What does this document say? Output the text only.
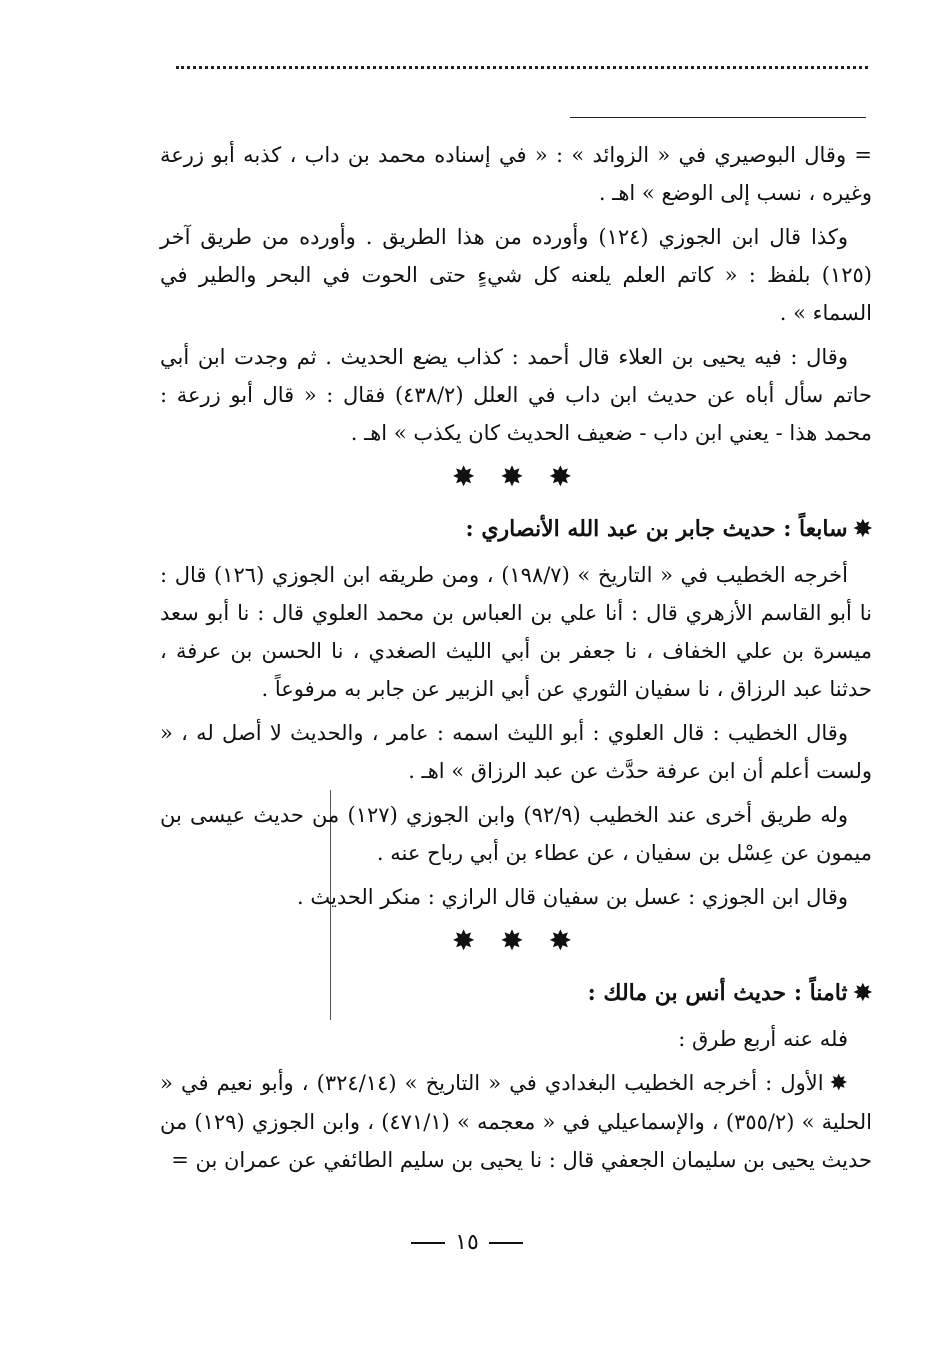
= وقال البوصيري في « الزوائد » : « في إسناده محمد بن داب ، كذبه أبو زرعة وغيره ، نسب إلى الوضع » اهـ .

وكذا قال ابن الجوزي (١٢٤) وأورده من هذا الطريق . وأورده من طريق آخر (١٢٥) بلفظ : « كاتم العلم يلعنه كل شيءٍ حتى الحوت في البحر والطير في السماء » .

وقال : فيه يحيى بن العلاء قال أحمد : كذاب يضع الحديث . ثم وجدت ابن أبي حاتم سأل أباه عن حديث ابن داب في العلل (٤٣٨/٢) فقال : « قال أبو زرعة : محمد هذا - يعني ابن داب - ضعيف الحديث كان يكذب » اهـ .

✸ ✸ ✸

✸سابعاً : حديث جابر بن عبد الله الأنصاري :

أخرجه الخطيب في « التاريخ » (١٩٨/٧) ، ومن طريقه ابن الجوزي (١٢٦) قال : نا أبو القاسم الأزهري قال : أنا علي بن العباس بن محمد العلوي قال : نا أبو سعد ميسرة بن علي الخفاف ، نا جعفر بن أبي الليث الصغدي ، نا الحسن بن عرفة ، حدثنا عبد الرزاق ، نا سفيان الثوري عن أبي الزبير عن جابر به مرفوعاً .

وقال الخطيب : قال العلوي : أبو الليث اسمه : عامر ، والحديث لا أصل له ، « ولست أعلم أن ابن عرفة حدَّث عن عبد الرزاق » اهـ .

وله طريق أخرى عند الخطيب (٩٢/٩) وابن الجوزي (١٢٧) من حديث عيسى بن ميمون عن عِسْل بن سفيان ، عن عطاء بن أبي رباح عنه .

وقال ابن الجوزي : عسل بن سفيان قال الرازي : منكر الحديث .

✸ ✸ ✸

✸ثامناً : حديث أنس بن مالك :

فله عنه أربع طرق :

✸الأول : أخرجه الخطيب البغدادي في « التاريخ » (٣٢٤/١٤) ، وأبو نعيم في « الحلية » (٣٥٥/٢) ، والإسماعيلي في « معجمه » (٤٧١/١) ، وابن الجوزي (١٢٩) من حديث يحيى بن سليمان الجعفي قال : نا يحيى بن سليم الطائفي عن عمران بن =

١٥
